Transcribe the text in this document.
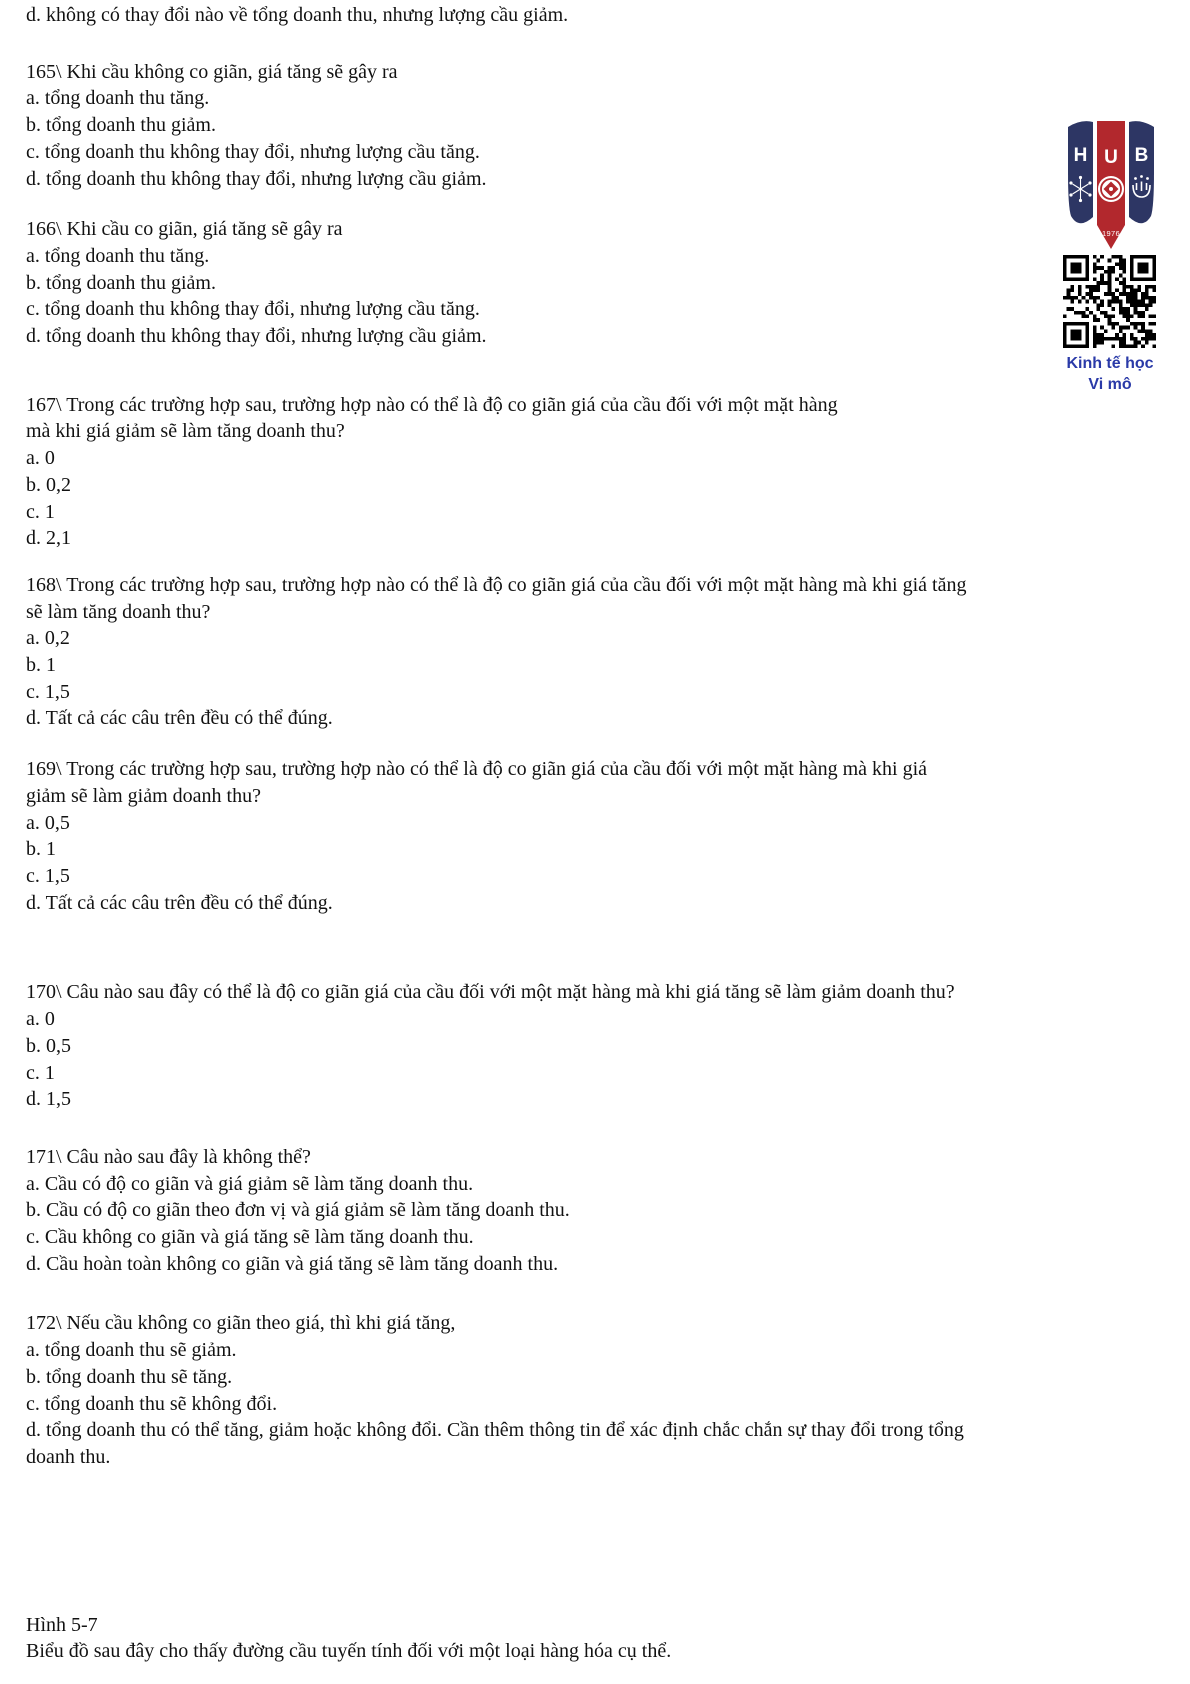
d. không có thay đổi nào về tổng doanh thu, nhưng lượng cầu giảm.
165\ Khi cầu không co giãn, giá tăng sẽ gây ra
a. tổng doanh thu tăng.
b. tổng doanh thu giảm.
c. tổng doanh thu không thay đổi, nhưng lượng cầu tăng.
d. tổng doanh thu không thay đổi, nhưng lượng cầu giảm.
166\ Khi cầu co giãn, giá tăng sẽ gây ra
a. tổng doanh thu tăng.
b. tổng doanh thu giảm.
c. tổng doanh thu không thay đổi, nhưng lượng cầu tăng.
d. tổng doanh thu không thay đổi, nhưng lượng cầu giảm.
167\ Trong các trường hợp sau, trường hợp nào có thể là độ co giãn giá của cầu đối với một mặt hàng
mà khi giá giảm sẽ làm tăng doanh thu?
a. 0
b. 0,2
c. 1
d. 2,1
168\ Trong các trường hợp sau, trường hợp nào có thể là độ co giãn giá của cầu đối với một mặt hàng mà khi giá tăng
sẽ làm tăng doanh thu?
a. 0,2
b. 1
c. 1,5
d. Tất cả các câu trên đều có thể đúng.
169\ Trong các trường hợp sau, trường hợp nào có thể là độ co giãn giá của cầu đối với một mặt hàng mà khi giá
giảm sẽ làm giảm doanh thu?
a. 0,5
b. 1
c. 1,5
d. Tất cả các câu trên đều có thể đúng.
170\ Câu nào sau đây có thể là độ co giãn giá của cầu đối với một mặt hàng mà khi giá tăng sẽ làm giảm doanh thu?
a. 0
b. 0,5
c. 1
d. 1,5
171\ Câu nào sau đây là không thể?
a. Cầu có độ co giãn và giá giảm sẽ làm tăng doanh thu.
b. Cầu có độ co giãn theo đơn vị và giá giảm sẽ làm tăng doanh thu.
c. Cầu không co giãn và giá tăng sẽ làm tăng doanh thu.
d. Cầu hoàn toàn không co giãn và giá tăng sẽ làm tăng doanh thu.
172\ Nếu cầu không co giãn theo giá, thì khi giá tăng,
a. tổng doanh thu sẽ giảm.
b. tổng doanh thu sẽ tăng.
c. tổng doanh thu sẽ không đổi.
d. tổng doanh thu có thể tăng, giảm hoặc không đổi. Cần thêm thông tin để xác định chắc chắn sự thay đổi trong tổng
doanh thu.
Hình 5-7
Biểu đồ sau đây cho thấy đường cầu tuyến tính đối với một loại hàng hóa cụ thể.
H U B
1976
Kinh tế học
Vi mô
